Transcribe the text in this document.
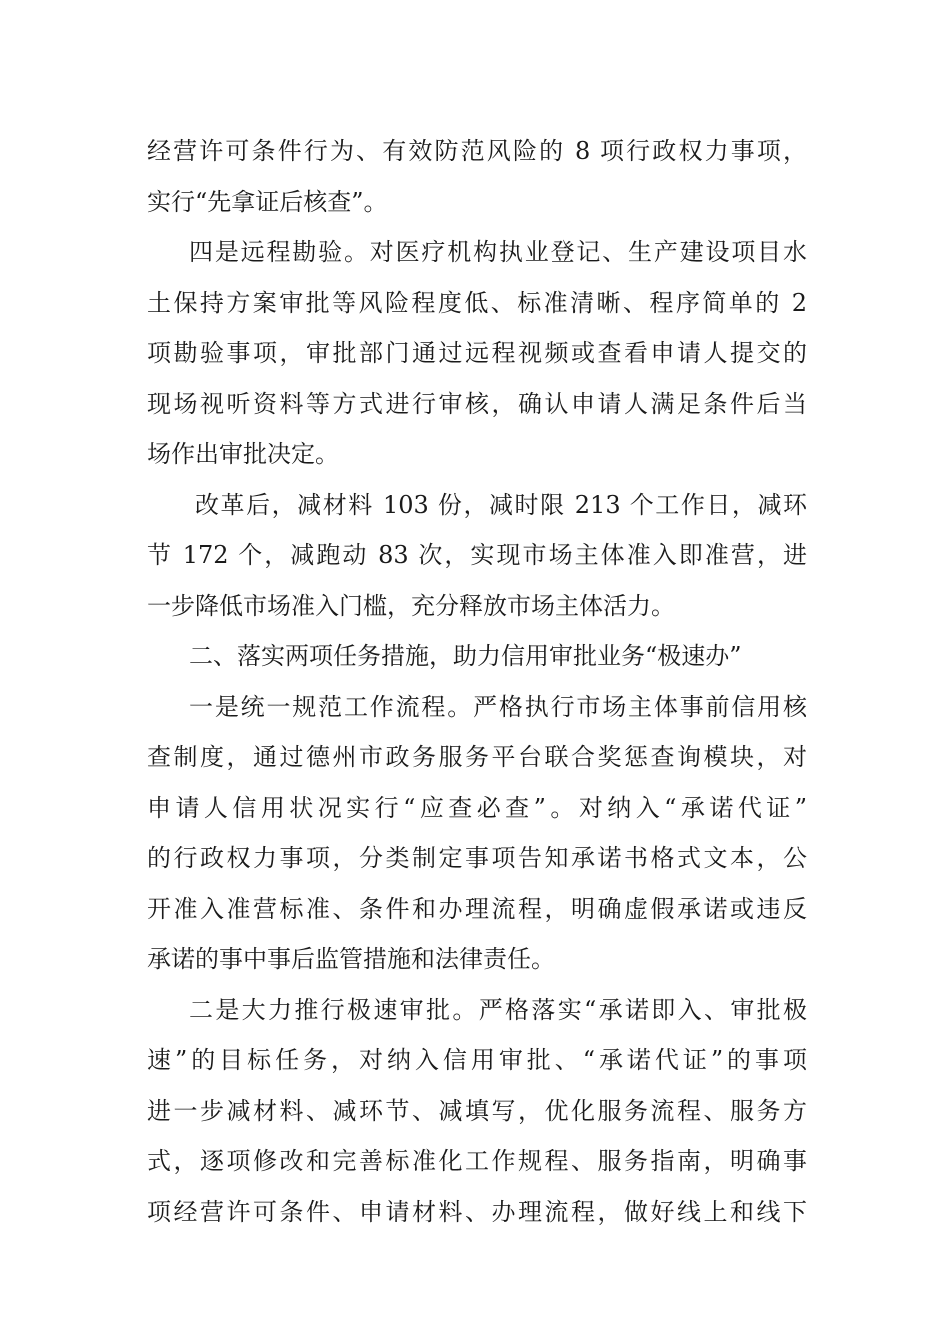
经营许可条件行为、有效防范风险的 8 项行政权力事项，
实行“先拿证后核查”。
四是远程勘验。对医疗机构执业登记、生产建设项目水
土保持方案审批等风险程度低、标准清晰、程序简单的 2
项勘验事项，审批部门通过远程视频或查看申请人提交的
现场视听资料等方式进行审核，确认申请人满足条件后当
场作出审批决定。
改革后，减材料 103 份，减时限 213 个工作日，减环
节 172 个，减跑动 83 次，实现市场主体准入即准营，进
一步降低市场准入门槛，充分释放市场主体活力。
二、落实两项任务措施，助力信用审批业务“极速办”
一是统一规范工作流程。严格执行市场主体事前信用核
查制度，通过德州市政务服务平台联合奖惩查询模块，对
申请人信用状况实行“应查必查”。对纳入“承诺代证”
的行政权力事项，分类制定事项告知承诺书格式文本，公
开准入准营标准、条件和办理流程，明确虚假承诺或违反
承诺的事中事后监管措施和法律责任。
二是大力推行极速审批。严格落实“承诺即入、审批极
速”的目标任务，对纳入信用审批、“承诺代证”的事项
进一步减材料、减环节、减填写，优化服务流程、服务方
式，逐项修改和完善标准化工作规程、服务指南，明确事
项经营许可条件、申请材料、办理流程，做好线上和线下
